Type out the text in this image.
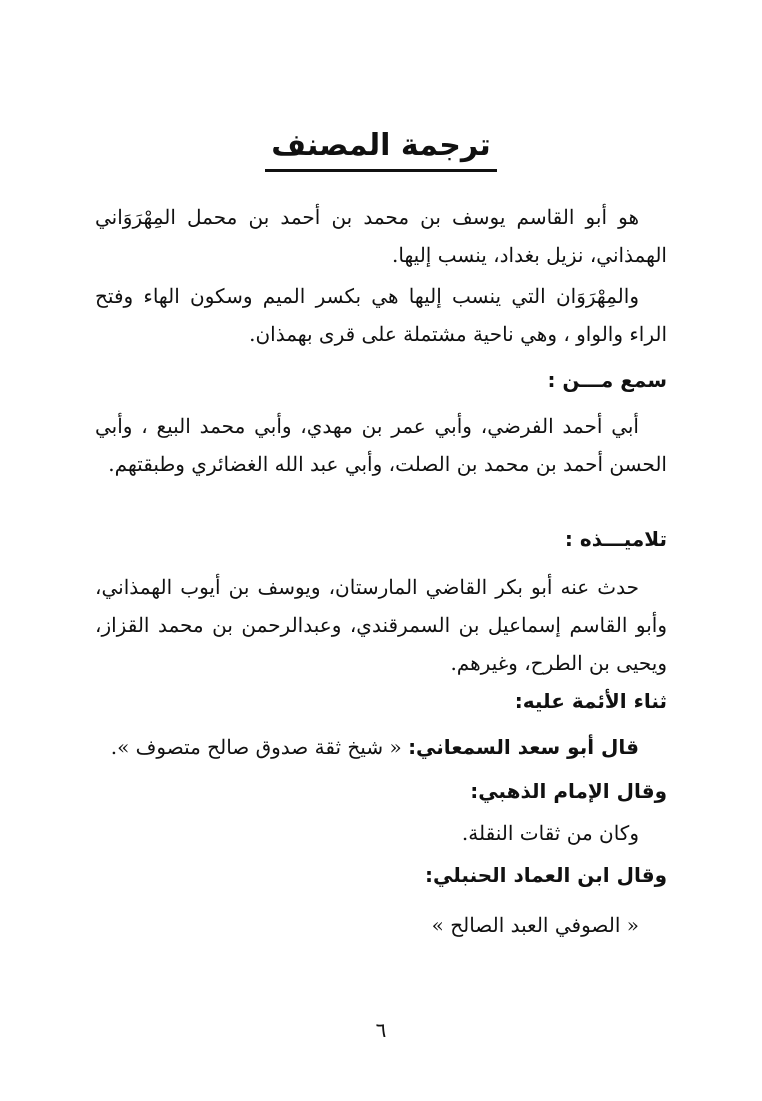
ترجمة المصنف

هو أبو القاسم يوسف بن محمد بن أحمد بن محمل المِهْرَوَاني الهمذاني، نزيل بغداد، ينسب إليها.

والمِهْرَوَان التي ينسب إليها هي بكسر الميم وسكون الهاء وفتح الراء والواو ، وهي ناحية مشتملة على قرى بهمذان.

سمع مـــن :

أبي أحمد الفرضي، وأبي عمر بن مهدي، وأبي محمد البيع ، وأبي الحسن أحمد بن محمد بن الصلت، وأبي عبد الله الغضائري وطبقتهم.

تلاميـــذه :

حدث عنه أبو بكر القاضي المارستان، ويوسف بن أيوب الهمذاني، وأبو القاسم إسماعيل بن السمرقندي، وعبدالرحمن بن محمد القزاز، ويحيى بن الطرح، وغيرهم.

ثناء الأئمة عليه:

قال أبو سعد السمعاني: « شيخ ثقة صدوق صالح متصوف ».

وقال الإمام الذهبي:

وكان من ثقات النقلة.

وقال ابن العماد الحنبلي:

« الصوفي العبد الصالح »

٦
